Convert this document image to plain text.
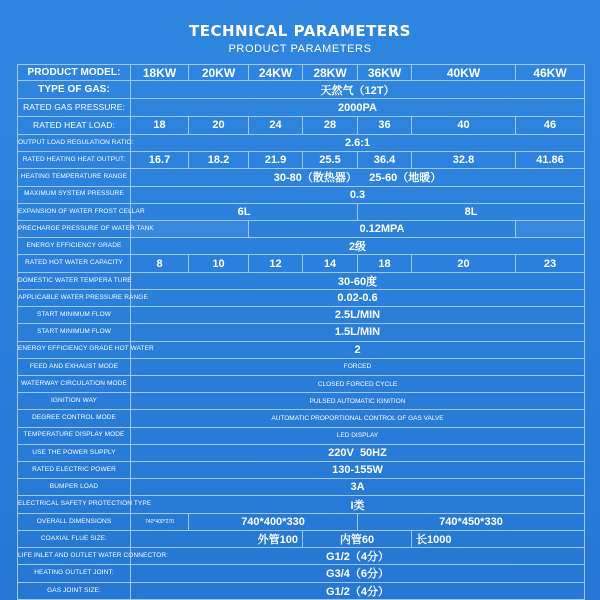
TECHNICAL PARAMETERS
PRODUCT PARAMETERS
PRODUCT MODEL:	18KW	20KW	24KW	28KW	36KW	40KW	46KW
TYPE OF GAS:	天然气（12T）						
RATED GAS PRESSURE:	2000PA						
RATED HEAT LOAD:	18	20	24	28	36	40	46
OUTPUT LOAD REGULATION RATIO:	2.6:1						
RATED HEATING HEAT OUTPUT:	16.7	18.2	21.9	25.5	36.4	32.8	41.86
HEATING TEMPERATURE RANGE	30-80（散热器）    25-60（地暖）						
MAXIMUM SYSTEM PRESSURE	0.3						
EXPANSION OF WATER FROST CELLAR	6L				8L		
PRECHARGE PRESSURE OF WATER TANK			0.12MPA				
ENERGY EFFICIENCY GRADE	2级						
RATED HOT WATER CAPACITY	8	10	12	14	18	20	23
DOMESTIC WATER TEMPERA TURE	30-60度						
APPLICABLE WATER PRESSURE RANGE	0.02-0.6						
START MINIMUM FLOW	2.5L/MIN						
START MINIMUM FLOW	1.5L/MIN						
ENERGY EFFICIENCY GRADE HOT WATER	2						
FEED AND EXHAUST MODE	FORCED						
WATERWAY CIRCULATION MODE	CLOSED FORCED CYCLE						
IGNITION WAY	PULSED AUTOMATIC IGNITION						
DEGREE CONTROL MODE	AUTOMATIC PROPORTIONAL CONTROL OF GAS VALVE						
TEMPERATURE DISPLAY MODE	LED DISPLAY						
USE THE POWER SUPPLY	220V  50HZ						
RATED ELECTRIC POWER	130-155W						
BUMPER LOAD	3A						
ELECTRICAL SAFETY PROTECTION TYPE	I类						
OVERALL DIMENSIONS	740*400*270	740*400*330			740*450*330		
COAXIAL FLUE SIZE:	外管100			内管60		长1000	
LIFE INLET AND OUTLET WATER CONNECTOR:	G1/2（4分）						
HEATING OUTLET JOINT:	G3/4（6分）						
GAS JOINT SIZE:	G1/2（4分）						
